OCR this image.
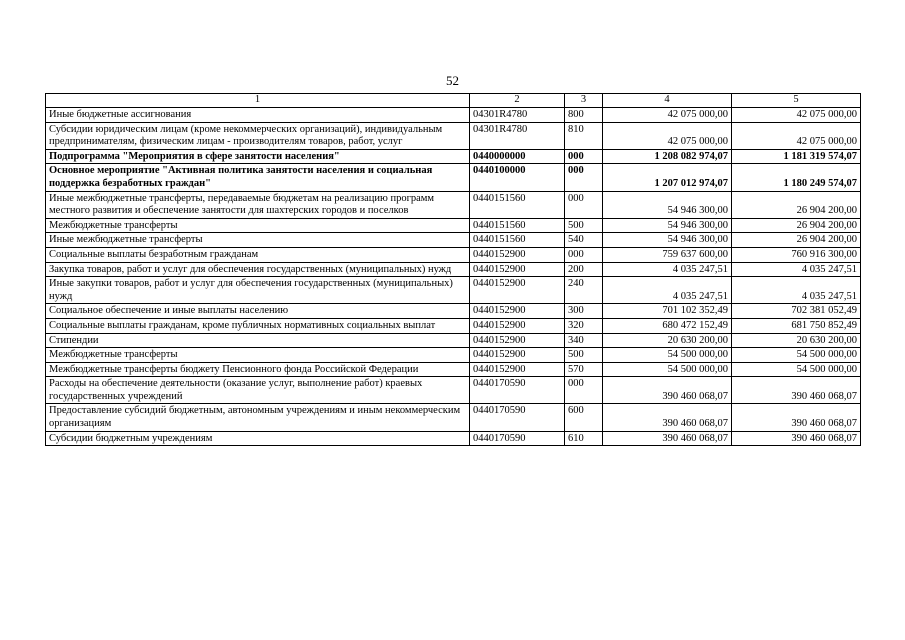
52
1	2	3	4	5
Иные бюджетные ассигнования	04301R4780	800	42 075 000,00	42 075 000,00
Субсидии юридическим лицам (кроме некоммерческих организаций), индивидуальным предпринимателям, физическим лицам - производителям товаров, работ, услуг	04301R4780	810	42 075 000,00	42 075 000,00
Подпрограмма "Мероприятия в сфере занятости населения"	0440000000	000	1 208 082 974,07	1 181 319 574,07
Основное мероприятие "Активная политика занятости населения и социальная поддержка безработных граждан"	0440100000	000	1 207 012 974,07	1 180 249 574,07
Иные межбюджетные трансферты, передаваемые бюджетам на реализацию программ местного развития и обеспечение занятости для шахтерских городов и поселков	0440151560	000	54 946 300,00	26 904 200,00
Межбюджетные трансферты	0440151560	500	54 946 300,00	26 904 200,00
Иные межбюджетные трансферты	0440151560	540	54 946 300,00	26 904 200,00
Социальные выплаты безработным гражданам	0440152900	000	759 637 600,00	760 916 300,00
Закупка товаров, работ и услуг для обеспечения государственных (муниципальных) нужд	0440152900	200	4 035 247,51	4 035 247,51
Иные закупки товаров, работ и услуг для обеспечения государственных (муниципальных) нужд	0440152900	240	4 035 247,51	4 035 247,51
Социальное обеспечение и иные выплаты населению	0440152900	300	701 102 352,49	702 381 052,49
Социальные выплаты гражданам, кроме публичных нормативных социальных выплат	0440152900	320	680 472 152,49	681 750 852,49
Стипендии	0440152900	340	20 630 200,00	20 630 200,00
Межбюджетные трансферты	0440152900	500	54 500 000,00	54 500 000,00
Межбюджетные трансферты бюджету Пенсионного фонда Российской Федерации	0440152900	570	54 500 000,00	54 500 000,00
Расходы на обеспечение деятельности (оказание услуг, выполнение работ) краевых государственных учреждений	0440170590	000	390 460 068,07	390 460 068,07
Предоставление субсидий бюджетным, автономным учреждениям и иным некоммерческим организациям	0440170590	600	390 460 068,07	390 460 068,07
Субсидии бюджетным учреждениям	0440170590	610	390 460 068,07	390 460 068,07
